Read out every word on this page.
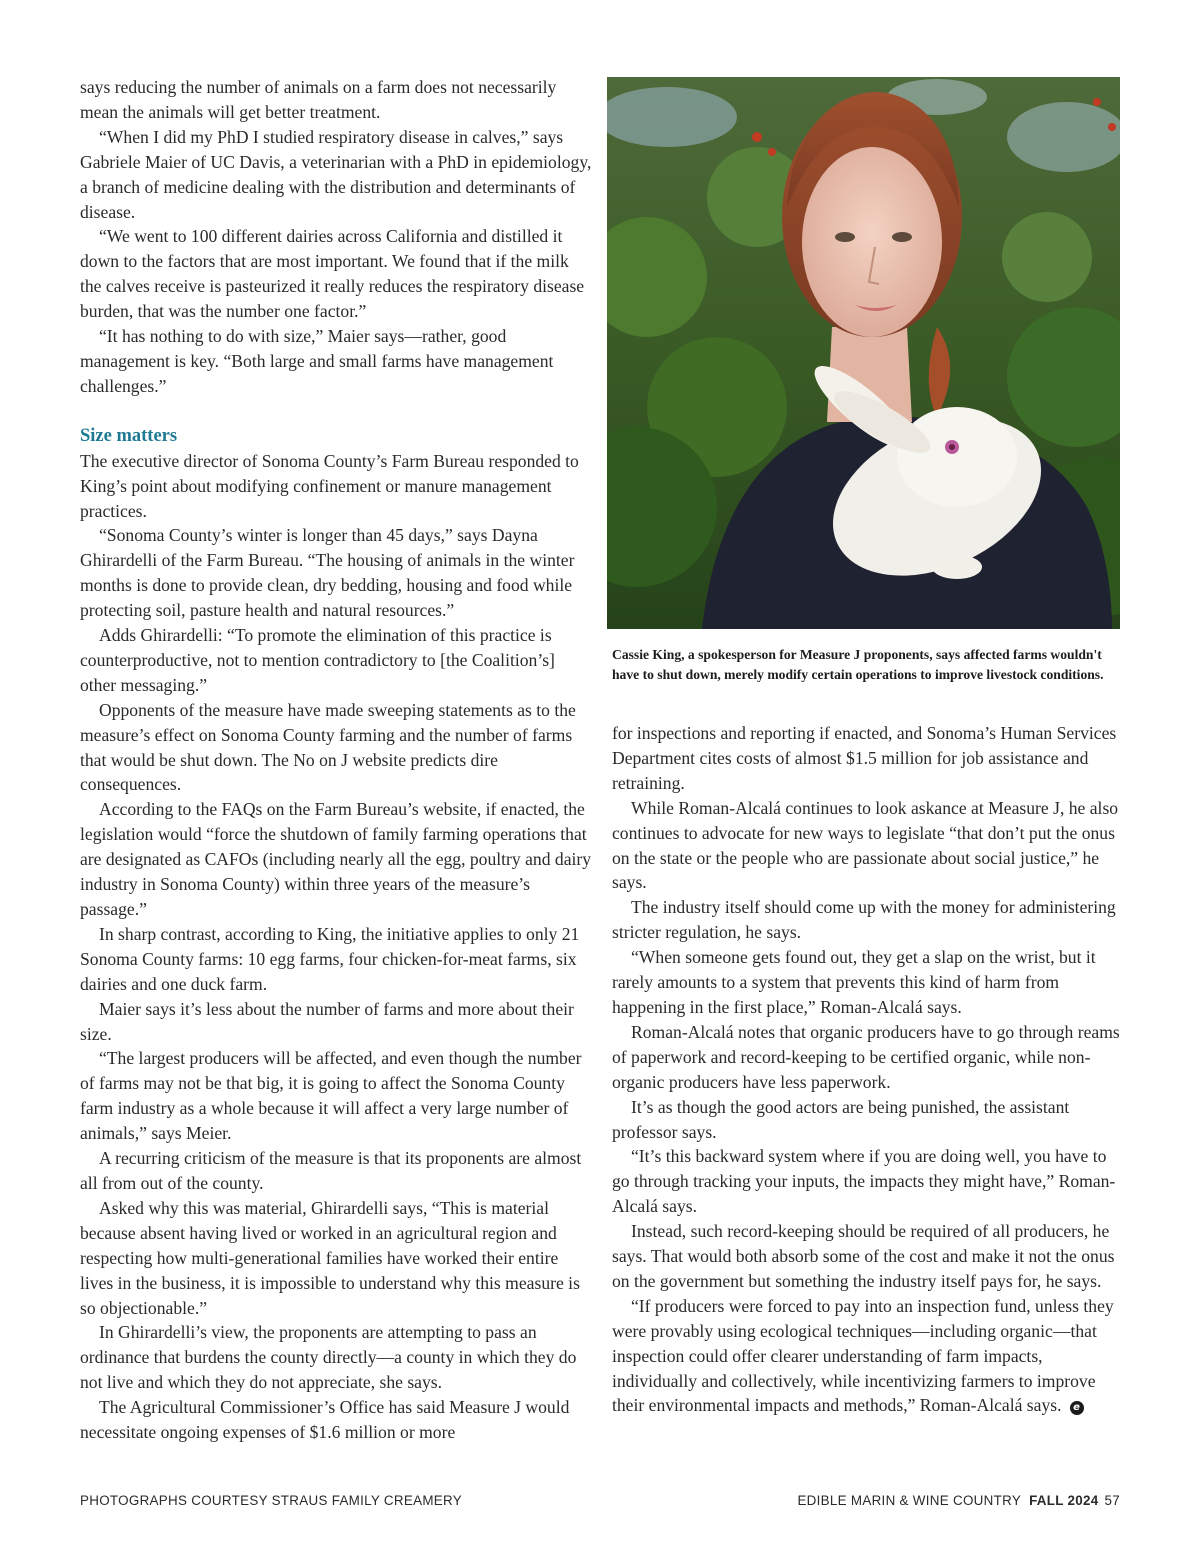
says reducing the number of animals on a farm does not necessarily mean the animals will get better treatment.

“When I did my PhD I studied respiratory disease in calves,” says Gabriele Maier of UC Davis, a veterinarian with a PhD in epidemiology, a branch of medicine dealing with the distribution and determinants of disease.

“We went to 100 different dairies across California and distilled it down to the factors that are most important. We found that if the milk the calves receive is pasteurized it really reduces the respiratory disease burden, that was the number one factor.”

“It has nothing to do with size,” Maier says—rather, good management is key. “Both large and small farms have management challenges.”

Size matters

The executive director of Sonoma County’s Farm Bureau responded to King’s point about modifying confinement or manure management practices.

“Sonoma County’s winter is longer than 45 days,” says Dayna Ghirardelli of the Farm Bureau. “The housing of animals in the winter months is done to provide clean, dry bedding, housing and food while protecting soil, pasture health and natural resources.”

Adds Ghirardelli: “To promote the elimination of this practice is counterproductive, not to mention contradictory to [the Coalition’s] other messaging.”

Opponents of the measure have made sweeping statements as to the measure’s effect on Sonoma County farming and the number of farms that would be shut down. The No on J website predicts dire consequences.

According to the FAQs on the Farm Bureau’s website, if enacted, the legislation would “force the shutdown of family farming operations that are designated as CAFOs (including nearly all the egg, poultry and dairy industry in Sonoma County) within three years of the measure’s passage.”

In sharp contrast, according to King, the initiative applies to only 21 Sonoma County farms: 10 egg farms, four chicken-for-meat farms, six dairies and one duck farm.

Maier says it’s less about the number of farms and more about their size.

“The largest producers will be affected, and even though the number of farms may not be that big, it is going to affect the Sonoma County farm industry as a whole because it will affect a very large number of animals,” says Meier.

A recurring criticism of the measure is that its proponents are almost all from out of the county.

Asked why this was material, Ghirardelli says, “This is material because absent having lived or worked in an agricultural region and respecting how multi-generational families have worked their entire lives in the business, it is impossible to understand why this measure is so objectionable.”

In Ghirardelli’s view, the proponents are attempting to pass an ordinance that burdens the county directly—a county in which they do not live and which they do not appreciate, she says.

The Agricultural Commissioner’s Office has said Measure J would necessitate ongoing expenses of $1.6 million or more

Cassie King, a spokesperson for Measure J proponents, says affected farms wouldn't have to shut down, merely modify certain operations to improve livestock conditions.

for inspections and reporting if enacted, and Sonoma’s Human Services Department cites costs of almost $1.5 million for job assistance and retraining.

While Roman-Alcalá continues to look askance at Measure J, he also continues to advocate for new ways to legislate “that don’t put the onus on the state or the people who are passionate about social justice,” he says.

The industry itself should come up with the money for administering stricter regulation, he says.

“When someone gets found out, they get a slap on the wrist, but it rarely amounts to a system that prevents this kind of harm from happening in the first place,” Roman-Alcalá says.

Roman-Alcalá notes that organic producers have to go through reams of paperwork and record-keeping to be certified organic, while non-organic producers have less paperwork.

It’s as though the good actors are being punished, the assistant professor says.

“It’s this backward system where if you are doing well, you have to go through tracking your inputs, the impacts they might have,” Roman-Alcalá says.

Instead, such record-keeping should be required of all producers, he says. That would both absorb some of the cost and make it not the onus on the government but something the industry itself pays for, he says.

“If producers were forced to pay into an inspection fund, unless they were provably using ecological techniques—including organic—that inspection could offer clearer understanding of farm impacts, individually and collectively, while incentivizing farmers to improve their environmental impacts and methods,” Roman-Alcalá says. e

PHOTOGRAPHS COURTESY STRAUS FAMILY CREAMERY	EDIBLE MARIN & WINE COUNTRY FALL 2024 57
